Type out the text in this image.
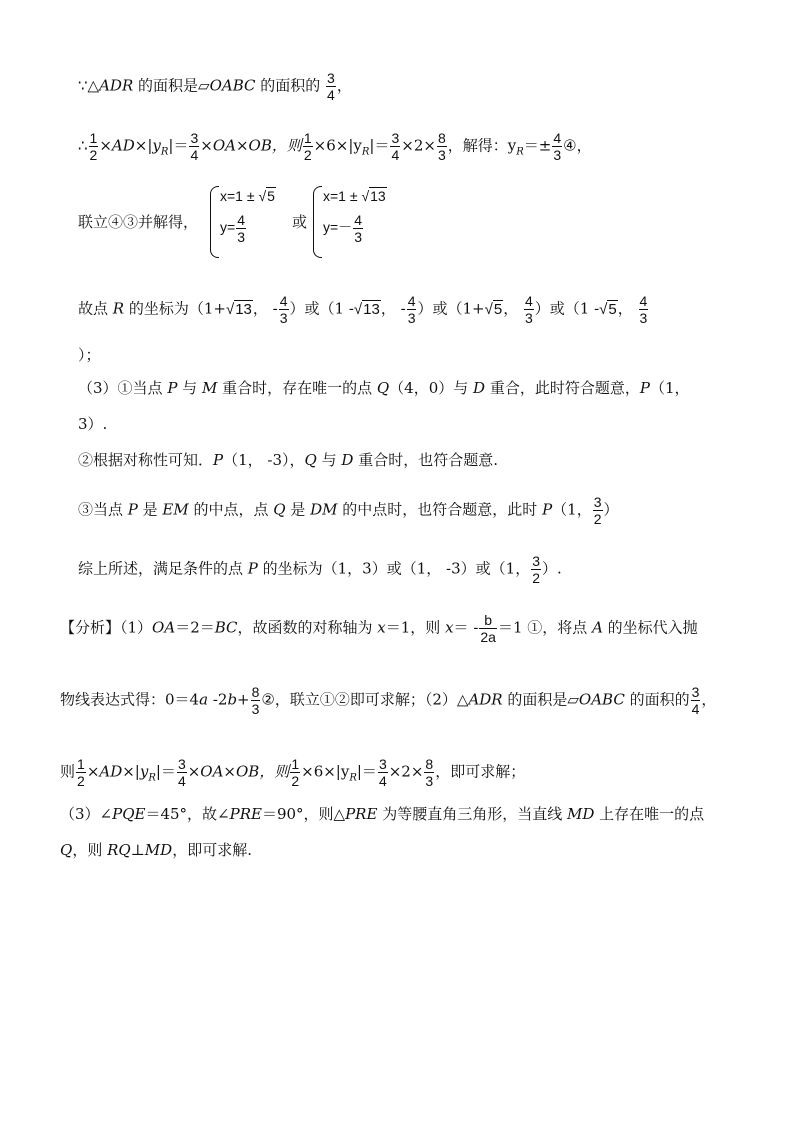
∵△ADR 的面积是▱OABC 的面积的 $\frac{3}{4}$ ，
∴ $\frac{1}{2} \times AD\times|y_R|= \frac{3}{4} \times OA\times OB$，则 $\frac{1}{2} \times 6\times|y_R|= \frac{3}{4} \times 2\times \frac{8}{3}$ ，解得：$y_R=\pm \frac{4}{3}$ ④，
联立④③并解得，
x=1 ± √5
$y= \frac{4}{3}$	或
x=1 ± √13
$y=- \frac{4}{3}$
故点 R 的坐标为（1+√13， - $\frac{4}{3}$ ）或（1 -√13， - $\frac{4}{3}$ ）或（1+√5， $\frac{4}{3}$ ）或（1 -√5， $\frac{4}{3}$
）；
（3）①当点 P 与 M 重合时，存在唯一的点 Q（4，0）与 D 重合，此时符合题意，P（1，
3）.
②根据对称性可知．P（1， -3），Q 与 D 重合时，也符合题意.
③当点 P 是 EM 的中点，点 Q 是 DM 的中点时，也符合题意，此时 P（1， $\frac{3}{2}$ ）
综上所述，满足条件的点 P 的坐标为（1，3）或（1， -3）或（1， $\frac{3}{2}$ ）.
【分析】（1）OA＝2＝BC，故函数的对称轴为 x＝1，则 $x= - \frac{b}{2a} =1$ ①，将点 A 的坐标代入抛
物线表达式得：0＝4a $-2b+ \frac{8}{3}$ ②，联立①②即可求解；（2）△ADR 的面积是▱OABC 的面积的 $\frac{3}{4}$ ，
则 $\frac{1}{2} \times AD\times|y_R|= \frac{3}{4} \times OA\times OB$，则 $\frac{1}{2} \times 6\times|y_R|= \frac{3}{4} \times 2\times \frac{8}{3}$ ，即可求解；
（3）∠PQE＝45°，故∠PRE＝90°，则△PRE 为等腰直角三角形，当直线 MD 上存在唯一的点
Q，则 RQ⊥MD，即可求解.
